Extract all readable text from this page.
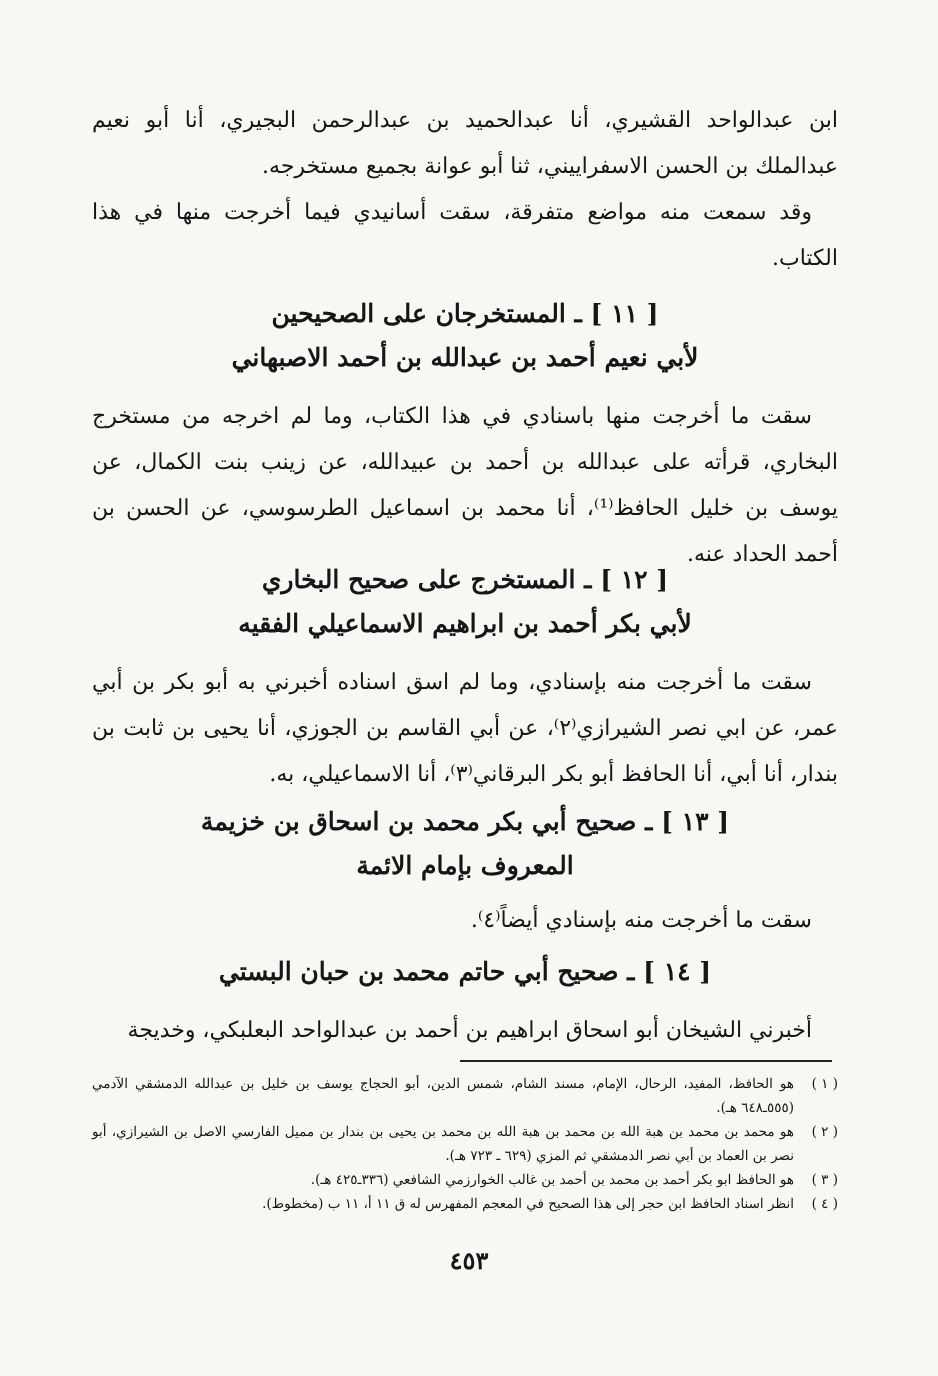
ابن عبدالواحد القشيري، أنا عبدالحميد بن عبدالرحمن البجيري، أنا أبو نعيم عبدالملك بن الحسن الاسفراييني، ثنا أبو عوانة بجميع مستخرجه.

وقد سمعت منه مواضع متفرقة، سقت أسانيدي فيما أخرجت منها في هذا الكتاب.

[ ١١ ] ـ المستخرجان على الصحيحين
لأبي نعيم أحمد بن عبدالله بن أحمد الاصبهاني

سقت ما أخرجت منها باسنادي في هذا الكتاب، وما لم اخرجه من مستخرج البخاري، قرأته على عبدالله بن أحمد بن عبيدالله، عن زينب بنت الكمال، عن يوسف بن خليل الحافظ⁽¹⁾، أنا محمد بن اسماعيل الطرسوسي، عن الحسن بن أحمد الحداد عنه.

[ ١٢ ] ـ المستخرج على صحيح البخاري
لأبي بكر أحمد بن ابراهيم الاسماعيلي الفقيه

سقت ما أخرجت منه بإسنادي، وما لم اسق اسناده أخبرني به أبو بكر بن أبي عمر، عن ابي نصر الشيرازي⁽٢⁾، عن أبي القاسم بن الجوزي، أنا يحيى بن ثابت بن بندار، أنا أبي، أنا الحافظ أبو بكر البرقاني⁽٣⁾، أنا الاسماعيلي، به.

[ ١٣ ] ـ صحيح أبي بكر محمد بن اسحاق بن خزيمة
المعروف بإمام الائمة

سقت ما أخرجت منه بإسنادي أيضاً⁽٤⁾.

[ ١٤ ] ـ صحيح أبي حاتم محمد بن حبان البستي

أخبرني الشيخان أبو اسحاق ابراهيم بن أحمد بن عبدالواحد البعلبكي، وخديجة

( ١ )
هو الحافظ، المفيد، الرحال، الإمام، مسند الشام، شمس الدين، أبو الحجاج يوسف بن خليل بن عبدالله الدمشقي الآدمي (٥٥٥ـ٦٤٨ هـ).
( ٢ )
هو محمد بن محمد بن هبة الله بن محمد بن هبة الله بن محمد بن يحيى بن بندار بن مميل الفارسي الاصل بن الشيرازي، أبو نصر بن العماد بن أبي نصر الدمشقي ثم المزي (٦٢٩ ـ ٧٢٣ هـ).
( ٣ )
هو الحافظ ابو بكر أحمد بن محمد بن أحمد بن غالب الخوارزمي الشافعي (٣٣٦ـ٤٢٥ هـ).
( ٤ )
انظر اسناد الحافظ ابن حجر إلى هذا الصحيح في المعجم المفهرس له ق ١١ أ، ١١ ب (مخطوط).
٤٥٣
